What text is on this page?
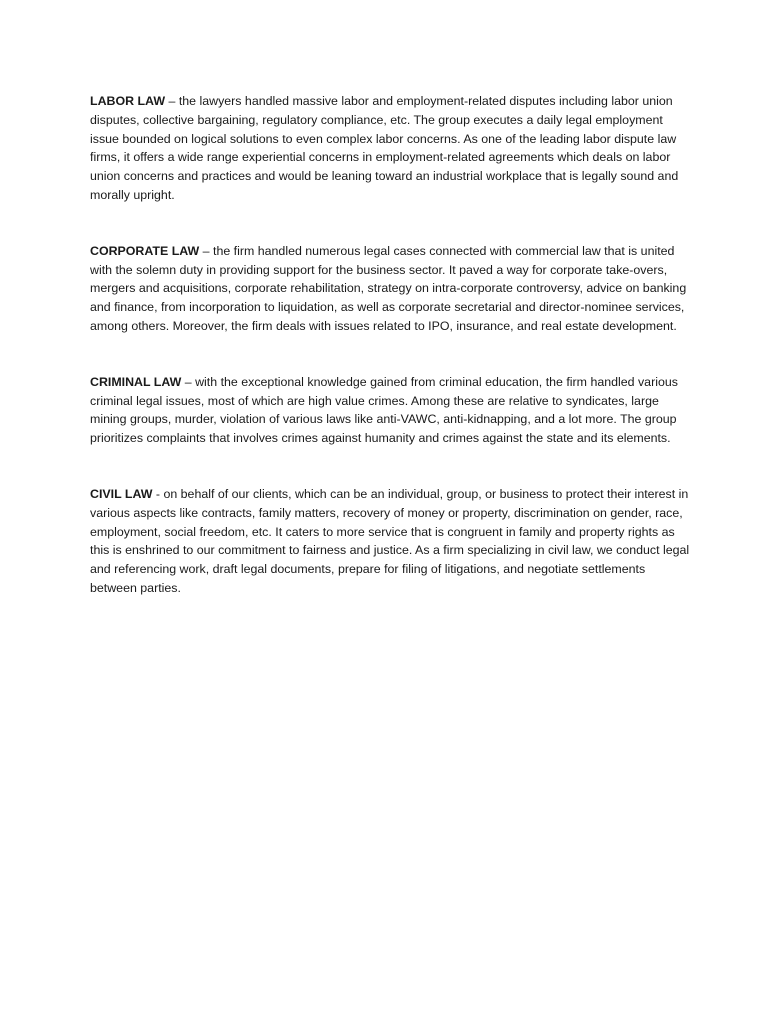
LABOR LAW – the lawyers handled massive labor and employment-related disputes including labor union disputes, collective bargaining, regulatory compliance, etc. The group executes a daily legal employment issue bounded on logical solutions to even complex labor concerns. As one of the leading labor dispute law firms, it offers a wide range experiential concerns in employment-related agreements which deals on labor union concerns and practices and would be leaning toward an industrial workplace that is legally sound and morally upright.

CORPORATE LAW – the firm handled numerous legal cases connected with commercial law that is united with the solemn duty in providing support for the business sector. It paved a way for corporate take-overs, mergers and acquisitions, corporate rehabilitation, strategy on intra-corporate controversy, advice on banking and finance, from incorporation to liquidation, as well as corporate secretarial and director-nominee services, among others. Moreover, the firm deals with issues related to IPO, insurance, and real estate development.

CRIMINAL LAW – with the exceptional knowledge gained from criminal education, the firm handled various criminal legal issues, most of which are high value crimes. Among these are relative to syndicates, large mining groups, murder, violation of various laws like anti-VAWC, anti-kidnapping, and a lot more. The group prioritizes complaints that involves crimes against humanity and crimes against the state and its elements.

CIVIL LAW - on behalf of our clients, which can be an individual, group, or business to protect their interest in various aspects like contracts, family matters, recovery of money or property, discrimination on gender, race, employment, social freedom, etc. It caters to more service that is congruent in family and property rights as this is enshrined to our commitment to fairness and justice. As a firm specializing in civil law, we conduct legal and referencing work, draft legal documents, prepare for filing of litigations, and negotiate settlements between parties.
